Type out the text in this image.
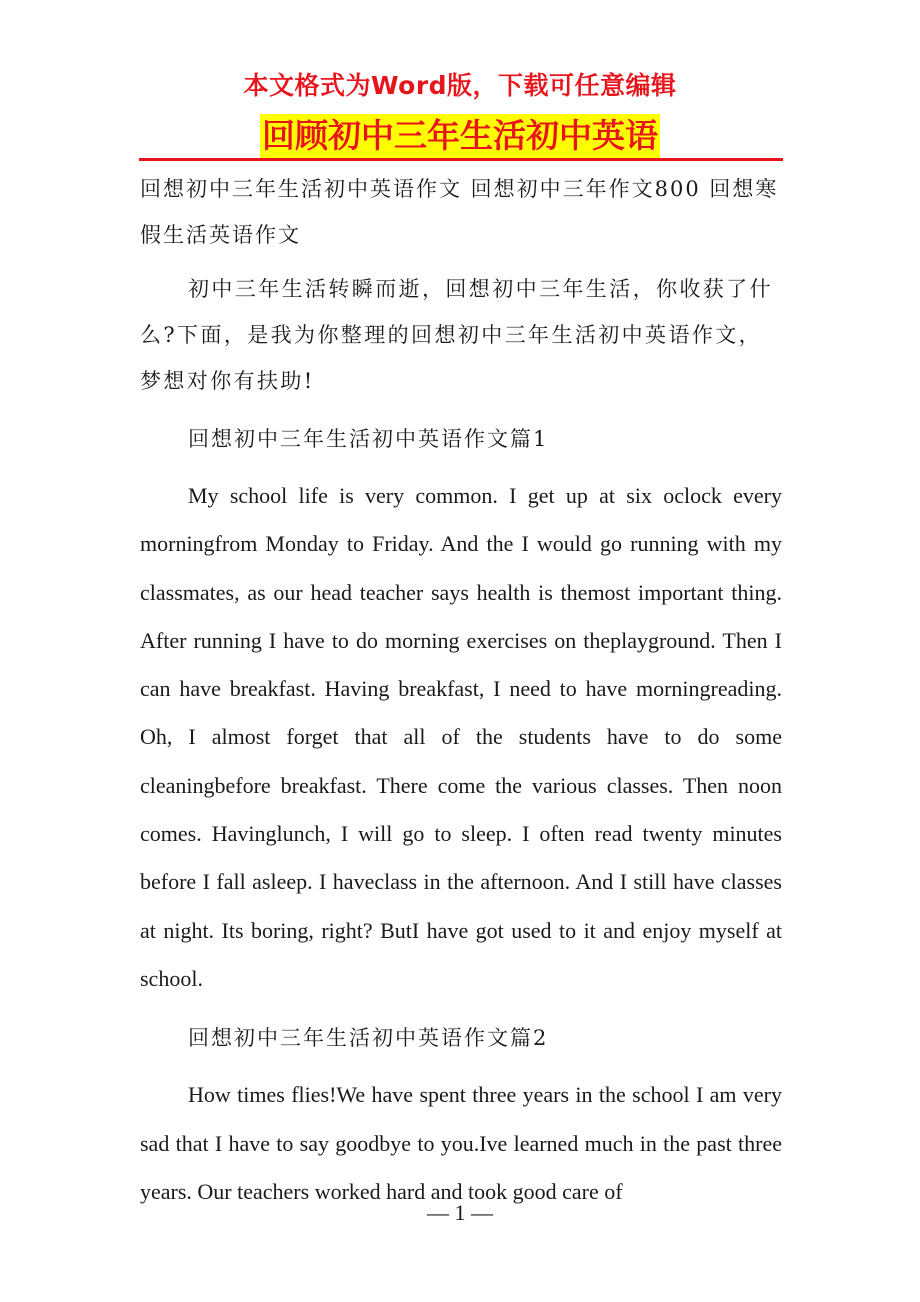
本文格式为Word版，下载可任意编辑
回顾初中三年生活初中英语

回想初中三年生活初中英语作文 回想初中三年作文800 回想寒假生活英语作文

初中三年生活转瞬而逝，回想初中三年生活，你收获了什么?下面，是我为你整理的回想初中三年生活初中英语作文，梦想对你有扶助!

回想初中三年生活初中英语作文篇1

My school life is very common. I get up at six oclock every morningfrom Monday to Friday. And the I would go running with my classmates, as our head teacher says health is themost important thing. After running I have to do morning exercises on theplayground. Then I can have breakfast. Having breakfast, I need to have morningreading. Oh, I almost forget that all of the students have to do some cleaningbefore breakfast. There come the various classes. Then noon comes. Havinglunch, I will go to sleep. I often read twenty minutes before I fall asleep. I haveclass in the afternoon. And I still have classes at night. Its boring, right? ButI have got used to it and enjoy myself at school.

回想初中三年生活初中英语作文篇2

How times flies!We have spent three years in the school I am very sad that I have to say goodbye to you.Ive learned much in the past three years. Our teachers worked hard and took good care of

— 1 —
